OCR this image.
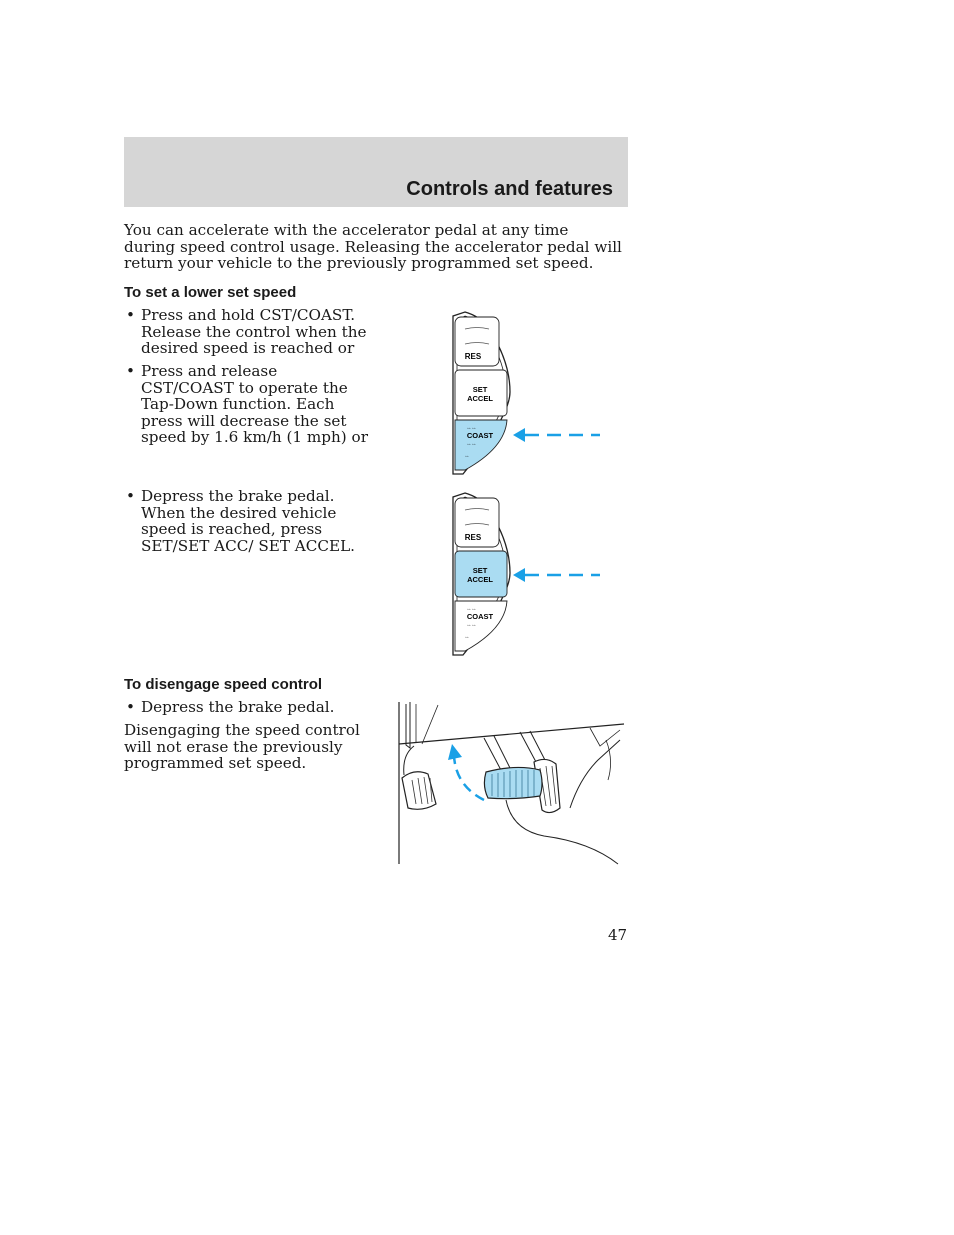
Controls and features
You can accelerate with the accelerator pedal at any time during speed control usage. Releasing the accelerator pedal will return your vehicle to the previously programmed set speed.
To set a lower set speed
• Press and hold CST/COAST. Release the control when the desired speed is reached or
• Press and release CST/COAST to operate the Tap-Down function. Each press will decrease the set speed by 1.6 km/h (1 mph) or
• Depress the brake pedal. When the desired vehicle speed is reached, press SET/SET ACC/ SET ACCEL.
RES
SET
ACCEL
◦◦ ◦◦
COAST
◦◦ ◦◦
◦◦
RES
SET
ACCEL
◦◦ ◦◦
COAST
◦◦ ◦◦
◦◦
To disengage speed control
• Depress the brake pedal.
Disengaging the speed control will not erase the previously programmed set speed.
47
